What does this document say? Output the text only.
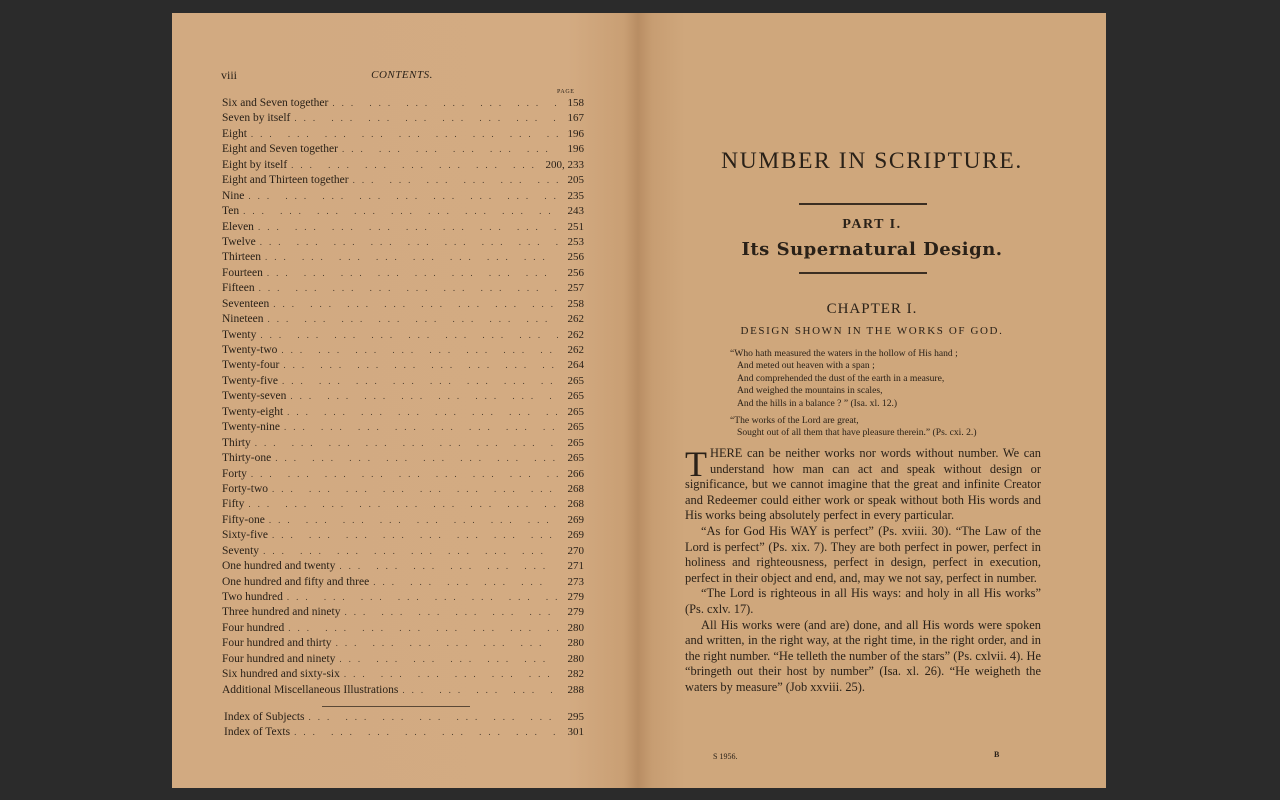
viii	CONTENTS.
PAGE
Six and Seven together ... .	158
Seven by itself ... .	167
Eight ... .	196
Eight and Seven together ... .	196
Eight by itself ... .	200, 233
Eight and Thirteen together ... .	205
Nine ... .	235
Ten ... .	243
Eleven ... .	251
Twelve ... .	253
Thirteen ... .	256
Fourteen ... .	256
Fifteen ... .	257
Seventeen ... .	258
Nineteen ... .	262
Twenty ... .	262
Twenty-two ... .	262
Twenty-four ... .	264
Twenty-five ... .	265
Twenty-seven ... .	265
Twenty-eight ... .	265
Twenty-nine ... .	265
Thirty ... .	265
Thirty-one ... .	265
Forty ... .	266
Forty-two ... .	268
Fifty ... .	268
Fifty-one ... .	269
Sixty-five ... .	269
Seventy ... .	270
One hundred and twenty ... .	271
One hundred and fifty and three ... .	273
Two hundred ... .	279
Three hundred and ninety ... .	279
Four hundred ... .	280
Four hundred and thirty ... .	280
Four hundred and ninety ... .	280
Six hundred and sixty-six ... .	282
Additional Miscellaneous Illustrations ... .	288
Index of Subjects ... .	295
Index of Texts ... .	301
NUMBER IN SCRIPTURE.
PART I.
Its Supernatural Design.
CHAPTER I.
DESIGN SHOWN IN THE WORKS OF GOD.
“Who hath measured the waters in the hollow of His hand ;
And meted out heaven with a span ;
And comprehended the dust of the earth in a measure,
And weighed the mountains in scales,
And the hills in a balance ? ” (Isa. xl. 12.)
“The works of the Lord are great,
Sought out of all them that have pleasure therein.” (Ps. cxi. 2.)

THERE can be neither works nor words without number. We can understand how man can act and speak without design or significance, but we cannot imagine that the great and infinite Creator and Redeemer could either work or speak without both His words and His works being absolutely perfect in every particular.

“As for God His WAY is perfect” (Ps. xviii. 30). “The Law of the Lord is perfect” (Ps. xix. 7). They are both perfect in power, perfect in holiness and righteousness, perfect in design, perfect in execution, perfect in their object and end, and, may we not say, perfect in number.

“The Lord is righteous in all His ways: and holy in all His works” (Ps. cxlv. 17).

All His works were (and are) done, and all His words were spoken and written, in the right way, at the right time, in the right order, and in the right number. “He telleth the number of the stars” (Ps. cxlvii. 4). He “bringeth out their host by number” (Isa. xl. 26). “He weigheth the waters by measure” (Job xxviii. 25).

S 1956.	B
